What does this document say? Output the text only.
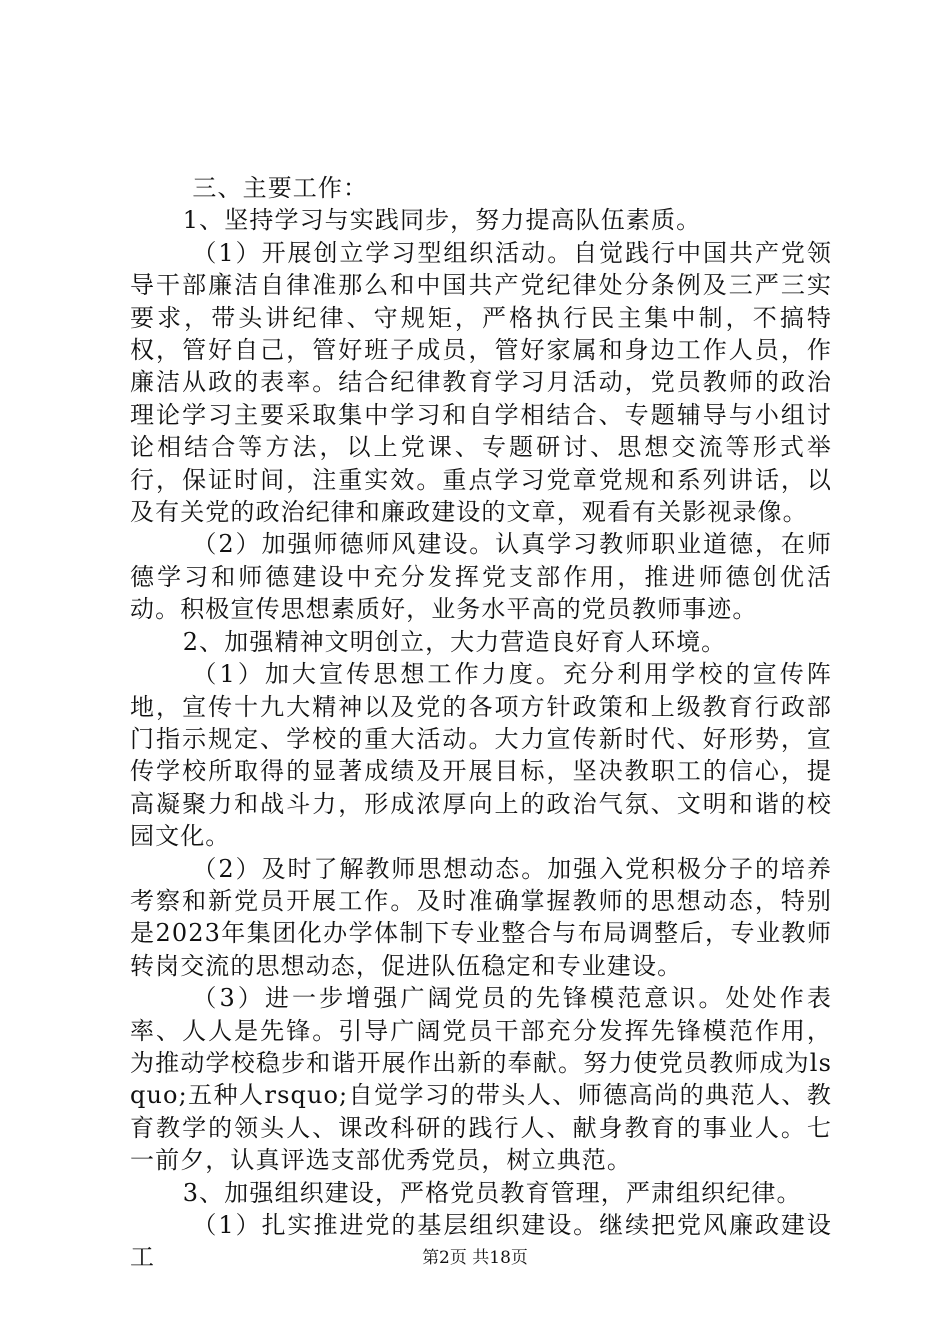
三、主要工作：

1、坚持学习与实践同步，努力提高队伍素质。

（1）开展创立学习型组织活动。自觉践行中国共产党领导干部廉洁自律准那么和中国共产党纪律处分条例及三严三实要求，带头讲纪律、守规矩，严格执行民主集中制，不搞特权，管好自己，管好班子成员，管好家属和身边工作人员，作廉洁从政的表率。结合纪律教育学习月活动，党员教师的政治理论学习主要采取集中学习和自学相结合、专题辅导与小组讨论相结合等方法，以上党课、专题研讨、思想交流等形式举行，保证时间，注重实效。重点学习党章党规和系列讲话，以及有关党的政治纪律和廉政建设的文章，观看有关影视录像。

（2）加强师德师风建设。认真学习教师职业道德，在师德学习和师德建设中充分发挥党支部作用，推进师德创优活动。积极宣传思想素质好，业务水平高的党员教师事迹。

2、加强精神文明创立，大力营造良好育人环境。

（1）加大宣传思想工作力度。充分利用学校的宣传阵地，宣传十九大精神以及党的各项方针政策和上级教育行政部门指示规定、学校的重大活动。大力宣传新时代、好形势，宣传学校所取得的显著成绩及开展目标，坚决教职工的信心，提高凝聚力和战斗力，形成浓厚向上的政治气氛、文明和谐的校园文化。

（2）及时了解教师思想动态。加强入党积极分子的培养考察和新党员开展工作。及时准确掌握教师的思想动态，特别是2023年集团化办学体制下专业整合与布局调整后，专业教师转岗交流的思想动态，促进队伍稳定和专业建设。

（3）进一步增强广阔党员的先锋模范意识。处处作表率、人人是先锋。引导广阔党员干部充分发挥先锋模范作用，为推动学校稳步和谐开展作出新的奉献。努力使党员教师成为lsquo;五种人rsquo;自觉学习的带头人、师德高尚的典范人、教育教学的领头人、课改科研的践行人、献身教育的事业人。七一前夕，认真评选支部优秀党员，树立典范。

3、加强组织建设，严格党员教育管理，严肃组织纪律。

（1）扎实推进党的基层组织建设。继续把党风廉政建设工	第2页 共18页
